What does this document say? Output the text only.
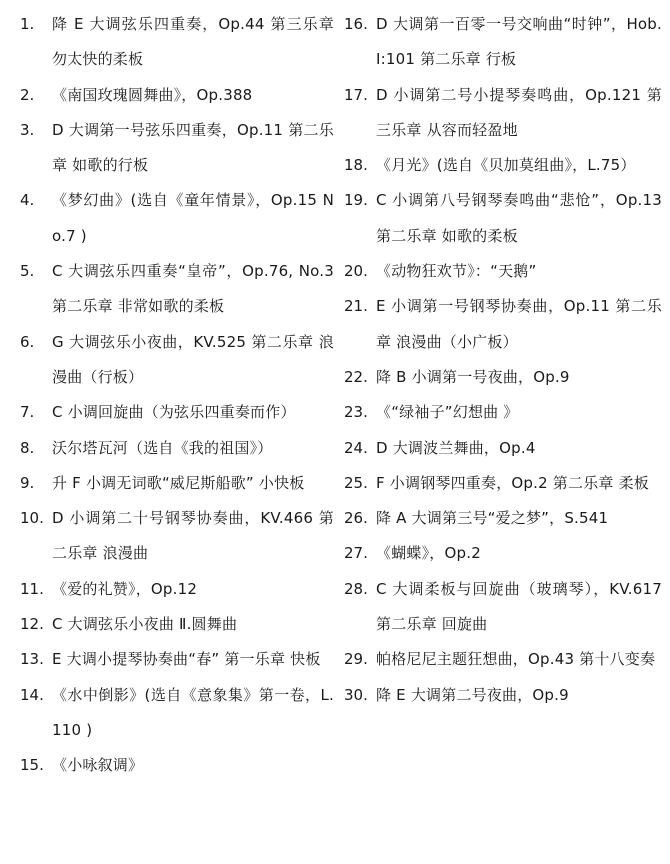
1.	降 E 大调弦乐四重奏，Op.44 第三乐章 勿太快的柔板
2.	《南国玫瑰圆舞曲》，Op.388
3.	D 大调第一号弦乐四重奏，Op.11 第二乐章 如歌的行板
4.	《梦幻曲》(选自《童年情景》，Op.15 No.7 )
5.	C 大调弦乐四重奏“皇帝”，Op.76, No.3 第二乐章 非常如歌的柔板
6.	G 大调弦乐小夜曲，KV.525 第二乐章 浪漫曲（行板）
7.	C 小调回旋曲（为弦乐四重奏而作）
8.	沃尔塔瓦河（选自《我的祖国》）
9.	升 F 小调无词歌“威尼斯船歌” 小快板
10. D 小调第二十号钢琴协奏曲，KV.466 第二乐章 浪漫曲
11. 《爱的礼赞》，Op.12
12. C 大调弦乐小夜曲 Ⅱ.圆舞曲
13. E 大调小提琴协奏曲“春” 第一乐章 快板
14. 《水中倒影》(选自《意象集》第一卷，L.110 )
15. 《小咏叙调》
16. D 大调第一百零一号交响曲“时钟”，Hob.I:101 第二乐章 行板
17. D 小调第二号小提琴奏鸣曲，Op.121 第三乐章 从容而轻盈地
18. 《月光》(选自《贝加莫组曲》，L.75）
19. C 小调第八号钢琴奏鸣曲“悲怆”，Op.13 第二乐章 如歌的柔板
20. 《动物狂欢节》：“天鹅”
21. E 小调第一号钢琴协奏曲，Op.11 第二乐章 浪漫曲（小广板）
22. 降 B 小调第一号夜曲，Op.9
23. 《“绿袖子”幻想曲 》
24. D 大调波兰舞曲，Op.4
25. F 小调钢琴四重奏，Op.2 第二乐章 柔板
26. 降 A 大调第三号“爱之梦”，S.541
27. 《蝴蝶》，Op.2
28. C 大调柔板与回旋曲（玻璃琴），KV.617 第二乐章 回旋曲
29. 帕格尼尼主题狂想曲，Op.43 第十八变奏
30. 降 E 大调第二号夜曲，Op.9
